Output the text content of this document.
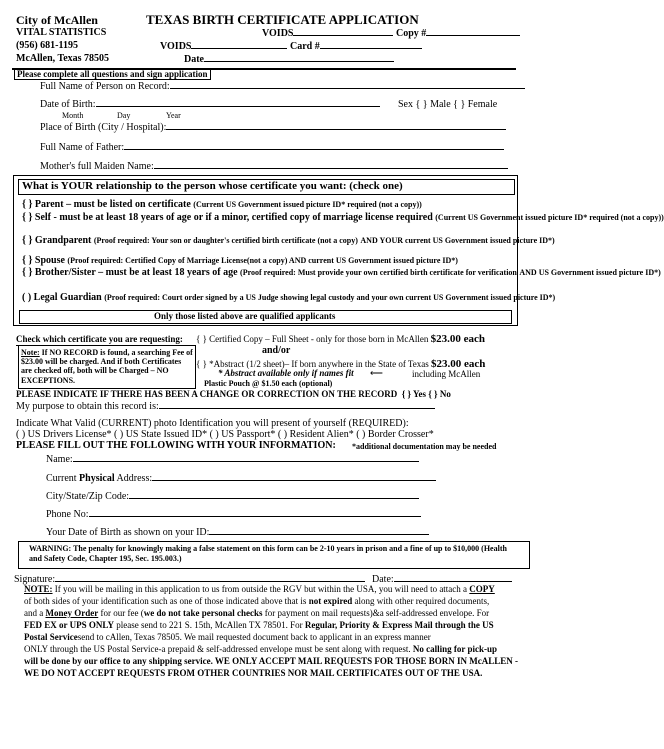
City of McAllen
VITAL STATISTICS
(956) 681-1195
McAllen, Texas 78505
TEXAS BIRTH CERTIFICATE APPLICATION
VOIDS	Copy #
VOIDS	Card #
Date
Please complete all questions and sign application
Full Name of Person on Record:
Date of Birth:	Sex { } Male { } Female
Month	Day	Year
Place of Birth (City / Hospital):
Full Name of Father:
Mother's full Maiden Name:
What is YOUR relationship to the person whose certificate you want: (check one)
{ } Parent – must be listed on certificate (Current US Government issued picture ID* required (not a copy))
{ } Self - must be at least 18 years of age or if a minor, certified copy of marriage license required (Current US Government issued picture ID* required (not a copy))
{ } Grandparent (Proof required: Your son or daughter's certified birth certificate (not a copy) AND YOUR current US Government issued picture ID*)
{ } Spouse (Proof required: Certified Copy of Marriage License(not a copy) AND current US Government issued picture ID*)
{ } Brother/Sister – must be at least 18 years of age (Proof required: Must provide your own certified birth certificate for verification AND US Government issued picture ID*)
( ) Legal Guardian (Proof required: Court order signed by a US Judge showing legal custody and your own current US Government issued picture ID*)
Only those listed above are qualified applicants
Check which certificate you are requesting: { } Certified Copy – Full Sheet - only for those born in McAllen $23.00 each
and/or
Note: If NO RECORD is found, a searching Fee of $23.00 will be charged. And if both Certificates are checked off, both will be Charged – NO EXCEPTIONS.
{ } *Abstract (1/2 sheet)– If born anywhere in the State of Texas $23.00 each
* Abstract available only if names fit ⟵	including McAllen
Plastic Pouch @ $1.50 each (optional)
PLEASE INDICATE IF THERE HAS BEEN A CHANGE OR CORRECTION ON THE RECORD { } Yes { } No
My purpose to obtain this record is:
Indicate What Valid (CURRENT) photo Identification you will present of yourself (REQUIRED):
( ) US Drivers License* ( ) US State Issued ID* ( ) US Passport* ( ) Resident Alien* ( ) Border Crosser*
PLEASE FILL OUT THE FOLLOWING WITH YOUR INFORMATION: *additional documentation may be needed
Name:
Current Physical Address:
City/State/Zip Code:
Phone No:
Your Date of Birth as shown on your ID:
WARNING: The penalty for knowingly making a false statement on this form can be 2-10 years in prison and a fine of up to $10,000 (Health and Safety Code, Chapter 195, Sec. 195.003.)
Signature:	Date:
NOTE: If you will be mailing in this application to us from outside the RGV but within the USA, you will need to attach a COPY
of both sides of your identification such as one of those indicated above that is not expired along with other required documents,
and a Money Order for our fee (we do not take personal checks for payment on mail requests)&a self-addressed envelope. For
FED EX or UPS ONLY please send to 221 S. 15th, McAllen TX 78501. For Regular, Priority & Express Mail through the US
Postal Servicesend to cAllen, Texas 78505. We mail requested document back to applicant in an express manner
ONLY through the US Postal Service-a prepaid & self-addressed envelope must be sent along with request. No calling for pick-up
will be done by our office to any shipping service. WE ONLY ACCEPT MAIL REQUESTS FOR THOSE BORN IN McALLEN -
WE DO NOT ACCEPT REQUESTS FROM OTHER COUNTRIES NOR MAIL CERTIFICATES OUT OF THE USA.
